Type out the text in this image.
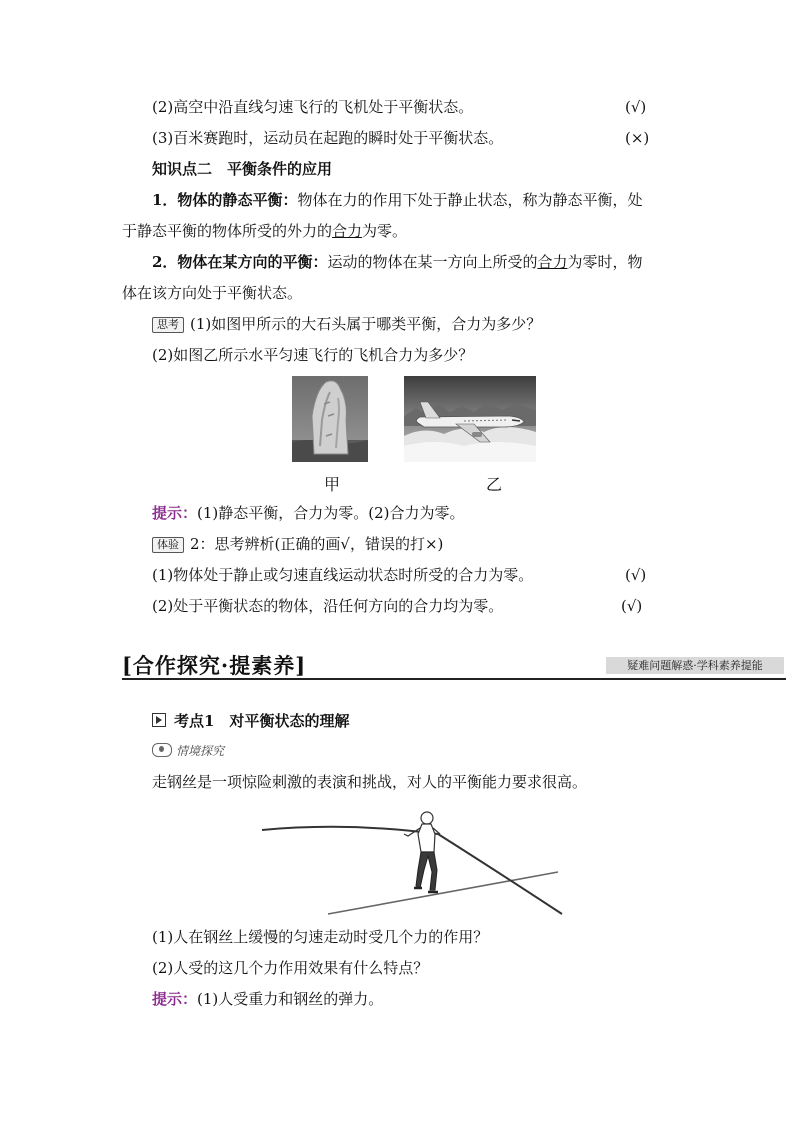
(2)高空中沿直线匀速飞行的飞机处于平衡状态。	(√)
(3)百米赛跑时，运动员在起跑的瞬时处于平衡状态。	(×)
知识点二　平衡条件的应用
1．物体的静态平衡：物体在力的作用下处于静止状态，称为静态平衡，处
于静态平衡的物体所受的外力的合力为零。
2．物体在某方向的平衡：运动的物体在某一方向上所受的合力为零时，物
体在该方向处于平衡状态。
思考 (1)如图甲所示的大石头属于哪类平衡，合力为多少？
(2)如图乙所示水平匀速飞行的飞机合力为多少？
甲	乙
提示：(1)静态平衡，合力为零。(2)合力为零。
体验 2：思考辨析(正确的画√，错误的打×)
(1)物体处于静止或匀速直线运动状态时所受的合力为零。	(√)
(2)处于平衡状态的物体，沿任何方向的合力均为零。	(√)
[合作探究·提素养]	疑难问题解惑·学科素养提能
考点1　对平衡状态的理解
情境探究
走钢丝是一项惊险刺激的表演和挑战，对人的平衡能力要求很高。
(1)人在钢丝上缓慢的匀速走动时受几个力的作用？
(2)人受的这几个力作用效果有什么特点？
提示：(1)人受重力和钢丝的弹力。
